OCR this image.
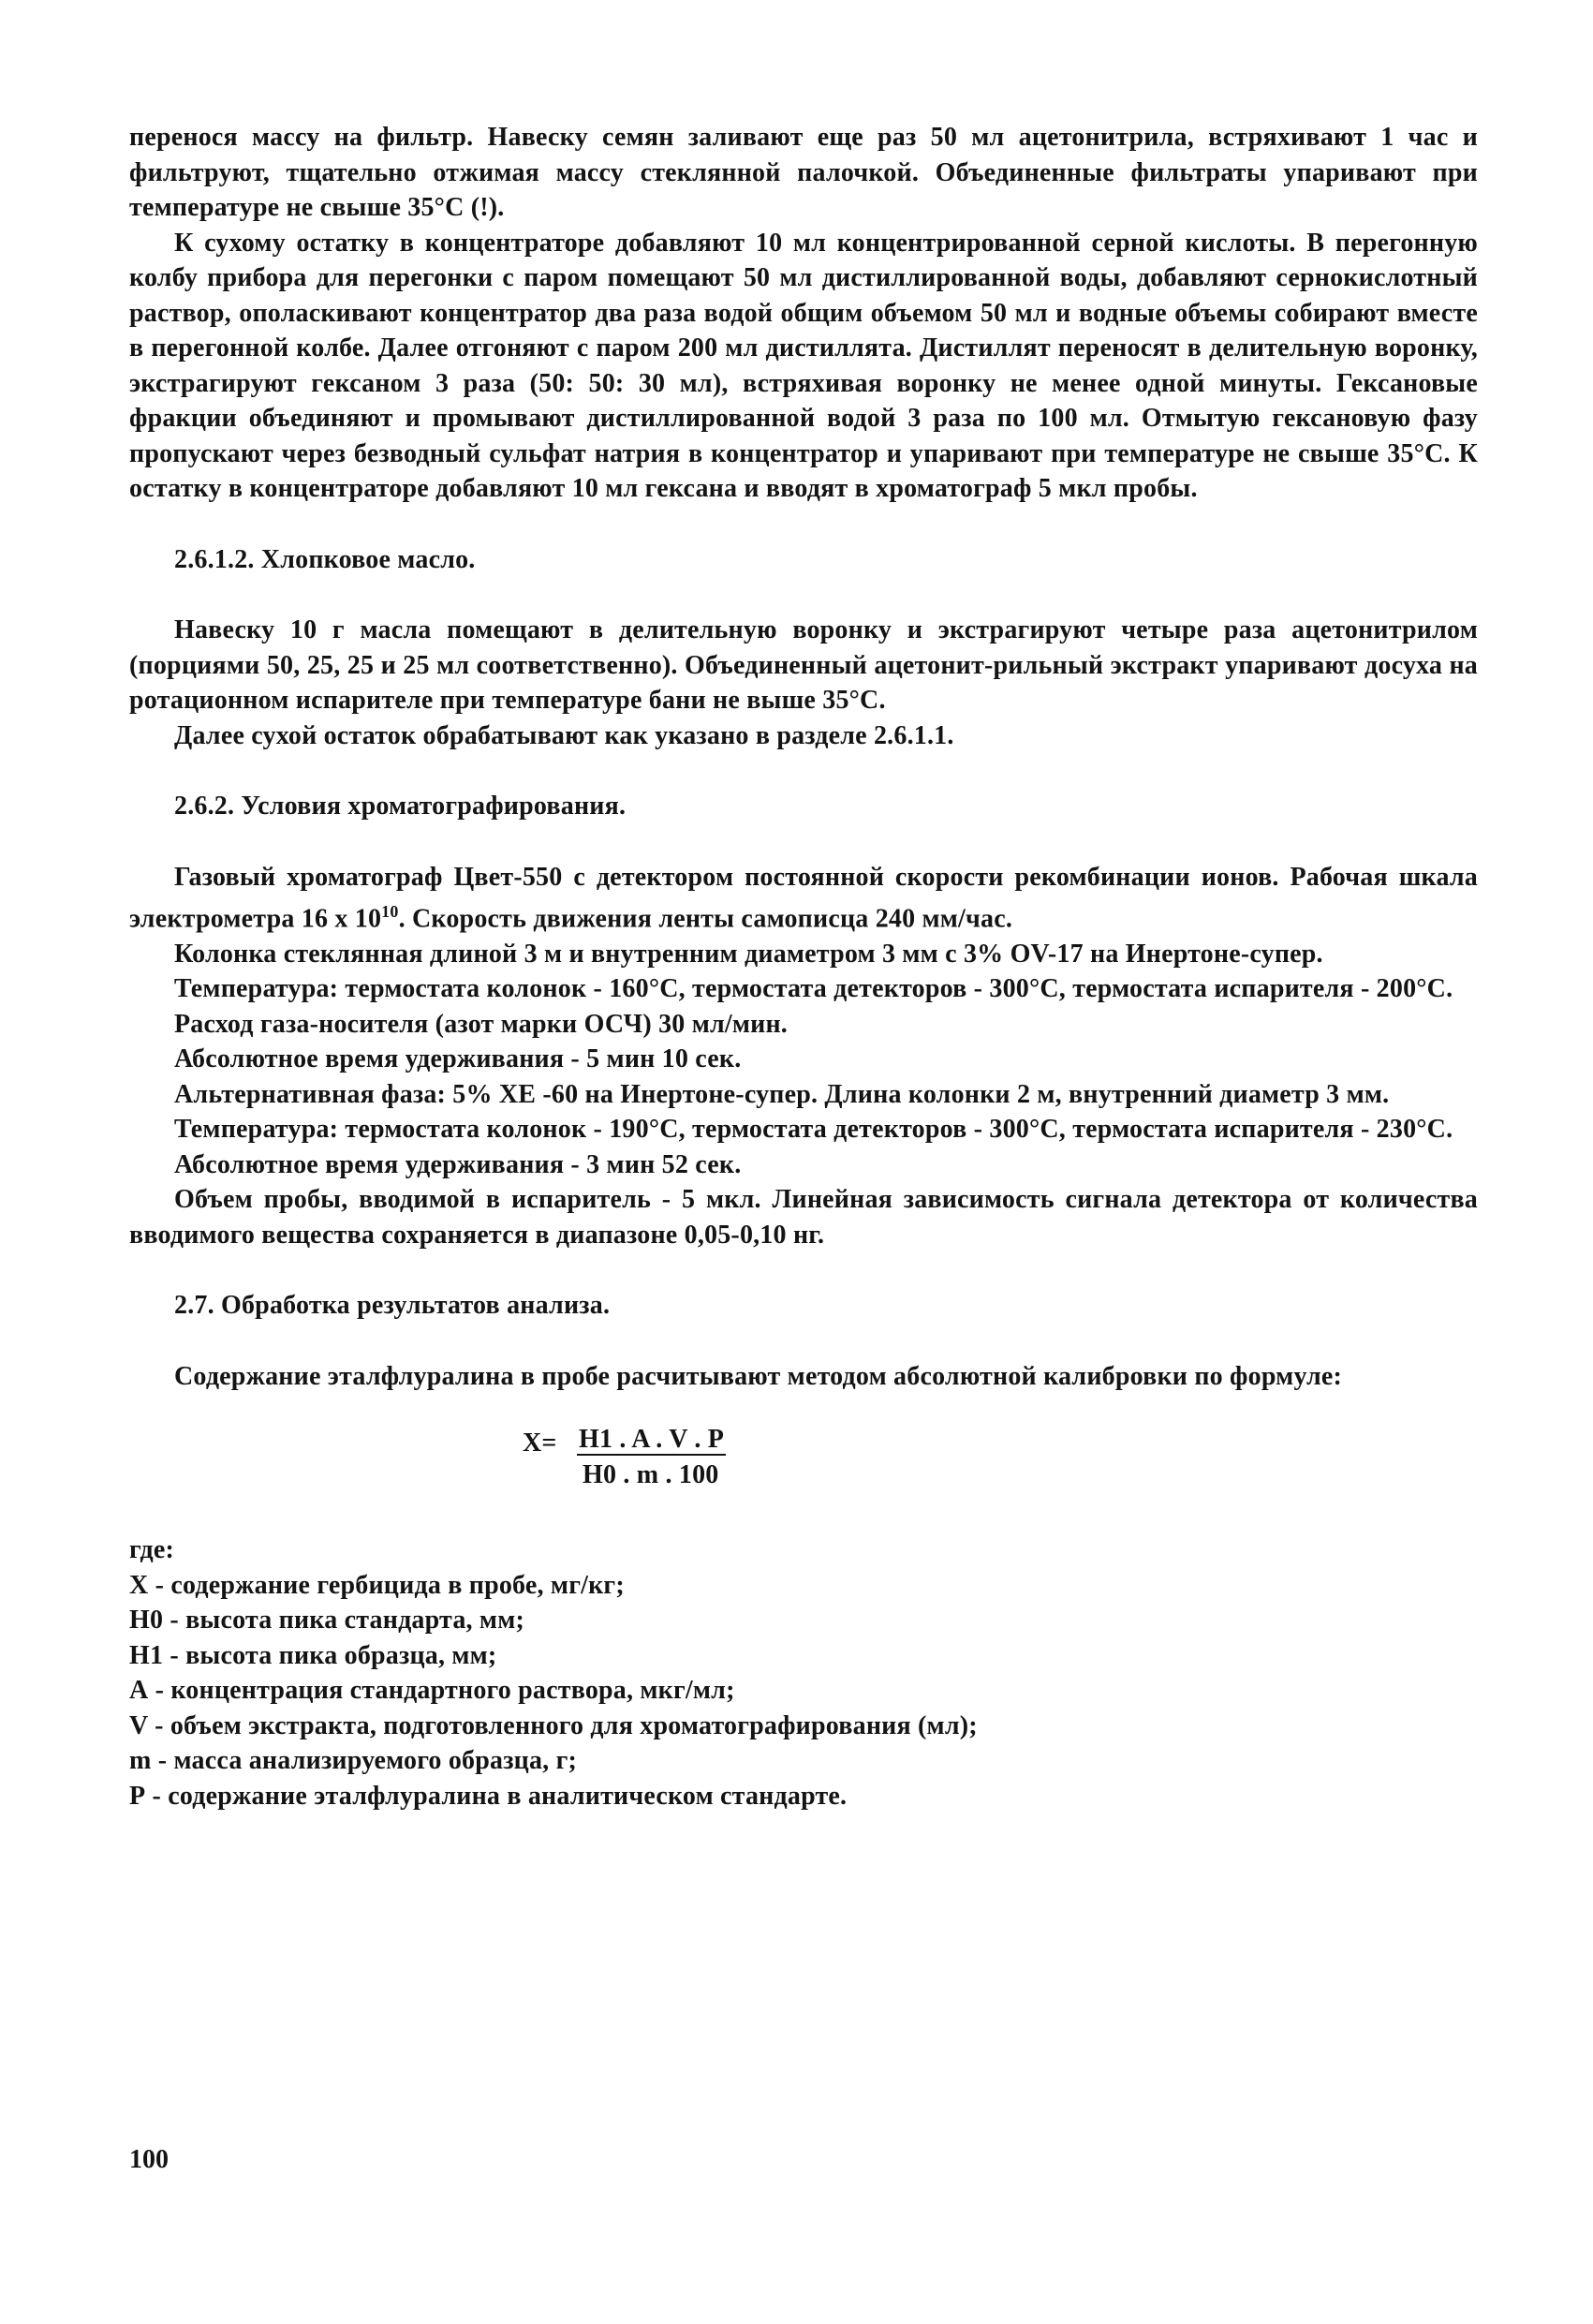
перенося массу на фильтр. Навеску семян заливают еще раз 50 мл ацетонитрила, встряхивают 1 час и фильтруют, тщательно отжимая массу стеклянной палочкой. Объединенные фильтраты упаривают при температуре не свыше 35°С (!).

К сухому остатку в концентраторе добавляют 10 мл концентрированной серной кислоты. В перегонную колбу прибора для перегонки с паром помещают 50 мл дистиллированной воды, добавляют сернокислотный раствор, ополаскивают концентратор два раза водой общим объемом 50 мл и водные объемы собирают вместе в перегонной колбе. Далее отгоняют с паром 200 мл дистиллята. Дистиллят переносят в делительную воронку, экстрагируют гексаном 3 раза (50: 50: 30 мл), встряхивая воронку не менее одной минуты. Гексановые фракции объединяют и промывают дистиллированной водой 3 раза по 100 мл. Отмытую гексановую фазу пропускают через безводный сульфат натрия в концентратор и упаривают при температуре не свыше 35°С. К остатку в концентраторе добавляют 10 мл гексана и вводят в хроматограф 5 мкл пробы.

2.6.1.2. Хлопковое масло.

Навеску 10 г масла помещают в делительную воронку и экстрагируют четыре раза ацетонитрилом (порциями 50, 25, 25 и 25 мл соответственно). Объединенный ацетонит-рильный экстракт упаривают досуха на ротационном испарителе при температуре бани не выше 35°С.

Далее сухой остаток обрабатывают как указано в разделе 2.6.1.1.

2.6.2. Условия хроматографирования.

Газовый хроматограф Цвет-550 с детектором постоянной скорости рекомбинации ионов. Рабочая шкала электрометра 16 х $10^{10}$. Скорость движения ленты самописца 240 мм/час.

Колонка стеклянная длиной 3 м и внутренним диаметром 3 мм с 3% OV-17 на Инертоне-супер.

Температура: термостата колонок - 160°С, термостата детекторов - 300°С, термостата испарителя - 200°С.

Расход газа-носителя (азот марки ОСЧ) 30 мл/мин.

Абсолютное время удерживания - 5 мин 10 сек.

Альтернативная фаза: 5% ХЕ -60 на Инертоне-супер. Длина колонки 2 м, внутренний диаметр 3 мм.

Температура: термостата колонок - 190°С, термостата детекторов - 300°С, термостата испарителя - 230°С.

Абсолютное время удерживания - 3 мин 52 сек.

Объем пробы, вводимой в испаритель - 5 мкл. Линейная зависимость сигнала детектора от количества вводимого вещества сохраняется в диапазоне 0,05-0,10 нг.

2.7. Обработка результатов анализа.

Содержание эталфлуралина в пробе расчитывают методом абсолютной калибровки по формуле:

Х= H1 . A . V . P
H0 . m . 100

где:

Х - содержание гербицида в пробе, мг/кг;

H0 - высота пика стандарта, мм;

H1 - высота пика образца, мм;

А - концентрация стандартного раствора, мкг/мл;

V - объем экстракта, подготовленного для хроматографирования (мл);

m - масса анализируемого образца, г;

Р - содержание эталфлуралина в аналитическом стандарте.

100
